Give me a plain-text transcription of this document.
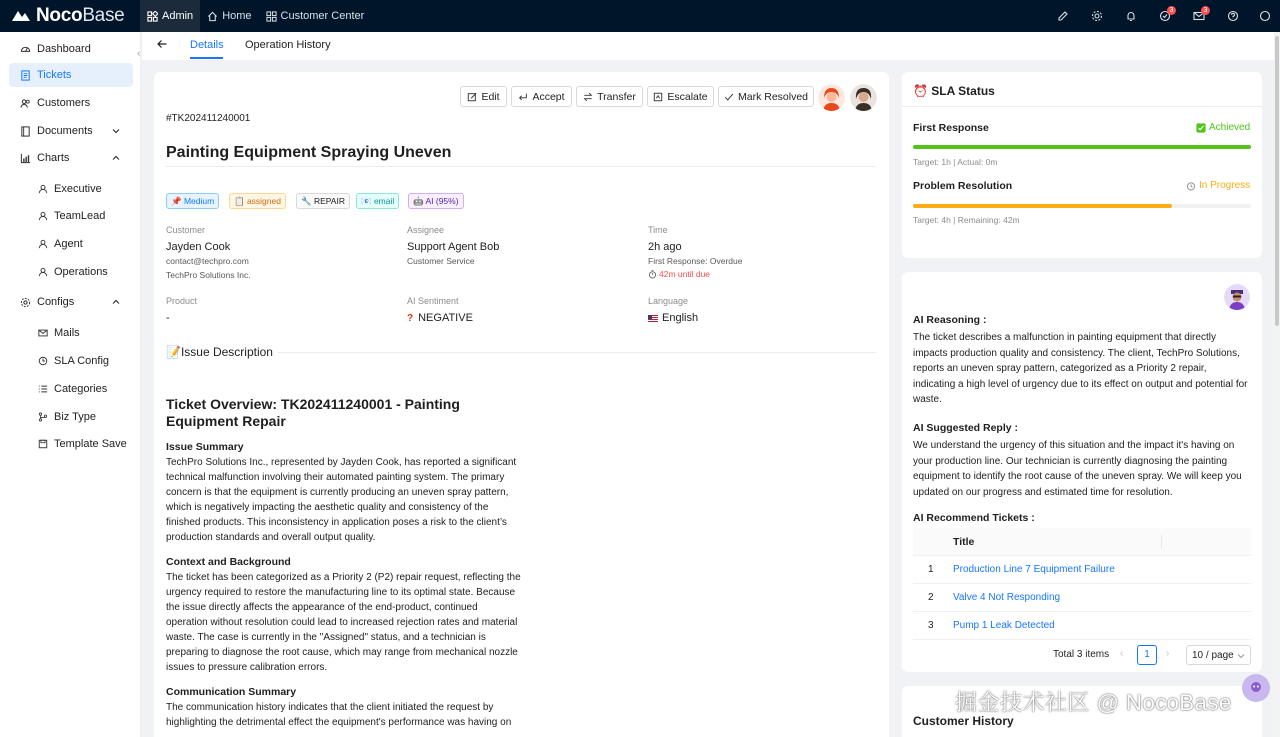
Noco Base	Admin	Home	Customer Center	3	3
Dashboard
Tickets
Customers
Documents
Charts
Executive
TeamLead
Agent
Operations
Configs
Mails
SLA Config
Categories
Biz Type
Template Save
‹
Details Operation History
Edit	Accept	Transfer	Escalate	Mark Resolved
#TK202411240001
Painting Equipment Spraying Uneven
📌 Medium	📋 assigned	🔧 REPAIR	📧 email	🤖 AI (95%)
Customer
Jayden Cook
contact@techpro.com
TechPro Solutions Inc.
Assignee
Support Agent Bob
Customer Service
Time
2h ago
First Response: Overdue
42m until due
Product
-
AI Sentiment
? NEGATIVE
Language
English
📝Issue Description
Ticket Overview: TK202411240001 - Painting Equipment Repair
Issue Summary

TechPro Solutions Inc., represented by Jayden Cook, has reported a significant technical malfunction involving their automated painting system. The primary concern is that the equipment is currently producing an uneven spray pattern, which is negatively impacting the aesthetic quality and consistency of the finished products. This inconsistency in application poses a risk to the client’s production standards and overall output quality.

Context and Background

The ticket has been categorized as a Priority 2 (P2) repair request, reflecting the urgency required to restore the manufacturing line to its optimal state. Because the issue directly affects the appearance of the end-product, continued operation without resolution could lead to increased rejection rates and material waste. The case is currently in the "Assigned" status, and a technician is preparing to diagnose the root cause, which may range from mechanical nozzle issues to pressure calibration errors.

Communication Summary

The communication history indicates that the client initiated the request by highlighting the detrimental effect the equipment's performance was having on

⏰ SLA Status
First Response	Achieved
Target: 1h | Actual: 0m
Problem Resolution	In Progress
Target: 4h | Remaining: 42m
AI Reasoning :
The ticket describes a malfunction in painting equipment that directly impacts production quality and consistency. The client, TechPro Solutions, reports an uneven spray pattern, categorized as a Priority 2 repair, indicating a high level of urgency due to its effect on output and potential for waste.
AI Suggested Reply :
We understand the urgency of this situation and the impact it's having on your production line. Our technician is currently diagnosing the painting equipment to identify the root cause of the uneven spray. We will keep you updated on our progress and estimated time for resolution.
AI Recommend Tickets :
Title
1 Production Line 7 Equipment Failure
2 Valve 4 Not Responding
3 Pump 1 Leak Detected
Total 3 items ‹	1	› 10 / page
Customer History
掘金技术社区 @ NocoBase
